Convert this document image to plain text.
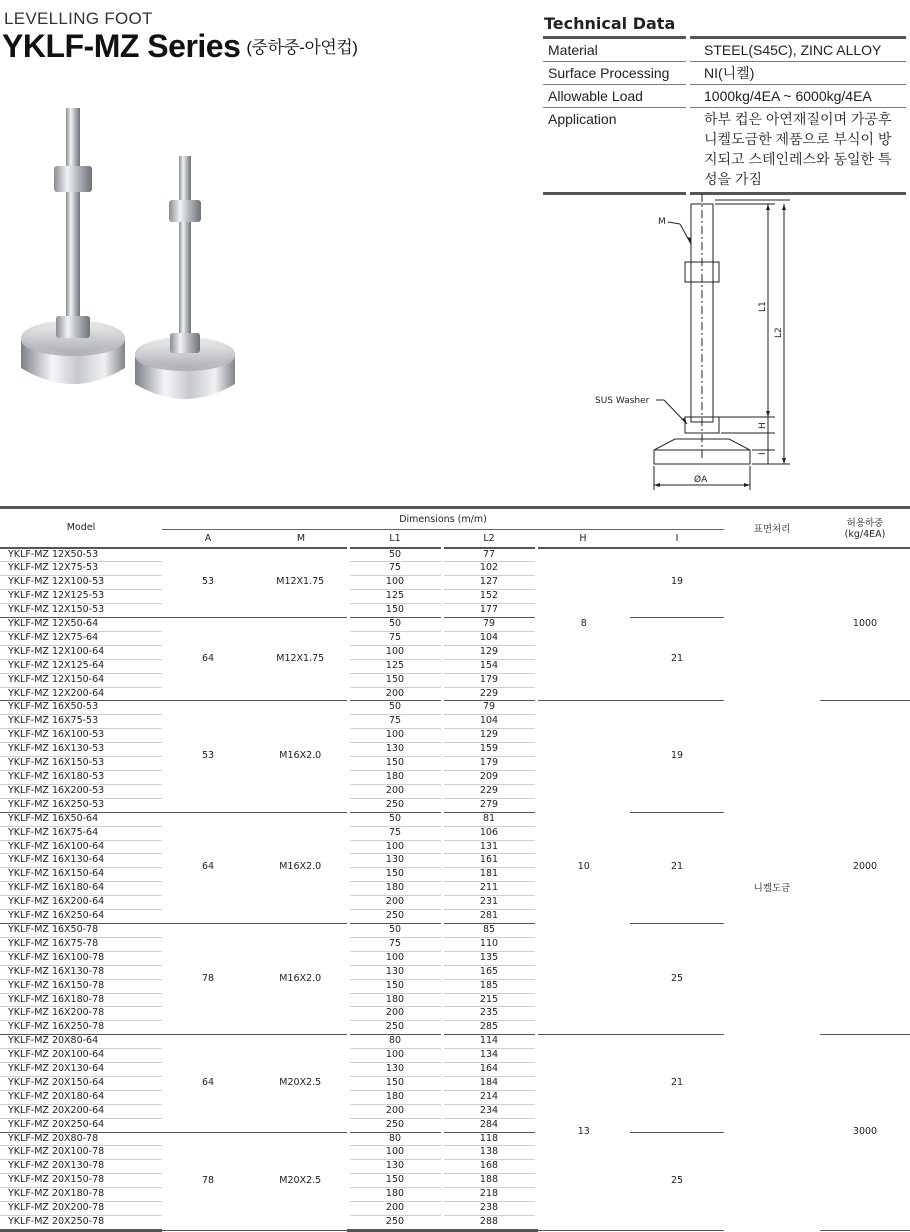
LEVELLING FOOT
YKLF-MZ Series (중하중-아연컵)
Technical Data
Material	STEEL(S45C), ZINC ALLOY
Surface Processing	NI(니켈)
Allowable Load	1000kg/4EA ~ 6000kg/4EA
Application	하부 컵은 아연재질이며 가공후 니켈도금한 제품으로 부식이 방지되고 스테인레스와 동일한 특성을 가짐
M
SUS Washer
L1
L2
H
I
ØA
Model	Dimensions (m/m)						표면처리	허용하중
(kg/4EA)
	A	M	L1	L2	H	I		
YKLF-MZ 12X50-53	53	M12X1.75	50	77	8	19	니켈도금	1000
YKLF-MZ 12X75-53			75	102				
YKLF-MZ 12X100-53			100	127				
YKLF-MZ 12X125-53			125	152				
YKLF-MZ 12X150-53			150	177				
YKLF-MZ 12X50-64	64	M12X1.75	50	79		21		
YKLF-MZ 12X75-64			75	104				
YKLF-MZ 12X100-64			100	129				
YKLF-MZ 12X125-64			125	154				
YKLF-MZ 12X150-64			150	179				
YKLF-MZ 12X200-64			200	229				
YKLF-MZ 16X50-53	53	M16X2.0	50	79	10	19		2000
YKLF-MZ 16X75-53			75	104				
YKLF-MZ 16X100-53			100	129				
YKLF-MZ 16X130-53			130	159				
YKLF-MZ 16X150-53			150	179				
YKLF-MZ 16X180-53			180	209				
YKLF-MZ 16X200-53			200	229				
YKLF-MZ 16X250-53			250	279				
YKLF-MZ 16X50-64	64	M16X2.0	50	81		21		
YKLF-MZ 16X75-64			75	106				
YKLF-MZ 16X100-64			100	131				
YKLF-MZ 16X130-64			130	161				
YKLF-MZ 16X150-64			150	181				
YKLF-MZ 16X180-64			180	211				
YKLF-MZ 16X200-64			200	231				
YKLF-MZ 16X250-64			250	281				
YKLF-MZ 16X50-78	78	M16X2.0	50	85		25		
YKLF-MZ 16X75-78			75	110				
YKLF-MZ 16X100-78			100	135				
YKLF-MZ 16X130-78			130	165				
YKLF-MZ 16X150-78			150	185				
YKLF-MZ 16X180-78			180	215				
YKLF-MZ 16X200-78			200	235				
YKLF-MZ 16X250-78			250	285				
YKLF-MZ 20X80-64	64	M20X2.5	80	114	13	21		3000
YKLF-MZ 20X100-64			100	134				
YKLF-MZ 20X130-64			130	164				
YKLF-MZ 20X150-64			150	184				
YKLF-MZ 20X180-64			180	214				
YKLF-MZ 20X200-64			200	234				
YKLF-MZ 20X250-64			250	284				
YKLF-MZ 20X80-78	78	M20X2.5	80	118		25		
YKLF-MZ 20X100-78			100	138				
YKLF-MZ 20X130-78			130	168				
YKLF-MZ 20X150-78			150	188				
YKLF-MZ 20X180-78			180	218				
YKLF-MZ 20X200-78			200	238				
YKLF-MZ 20X250-78			250	288				
